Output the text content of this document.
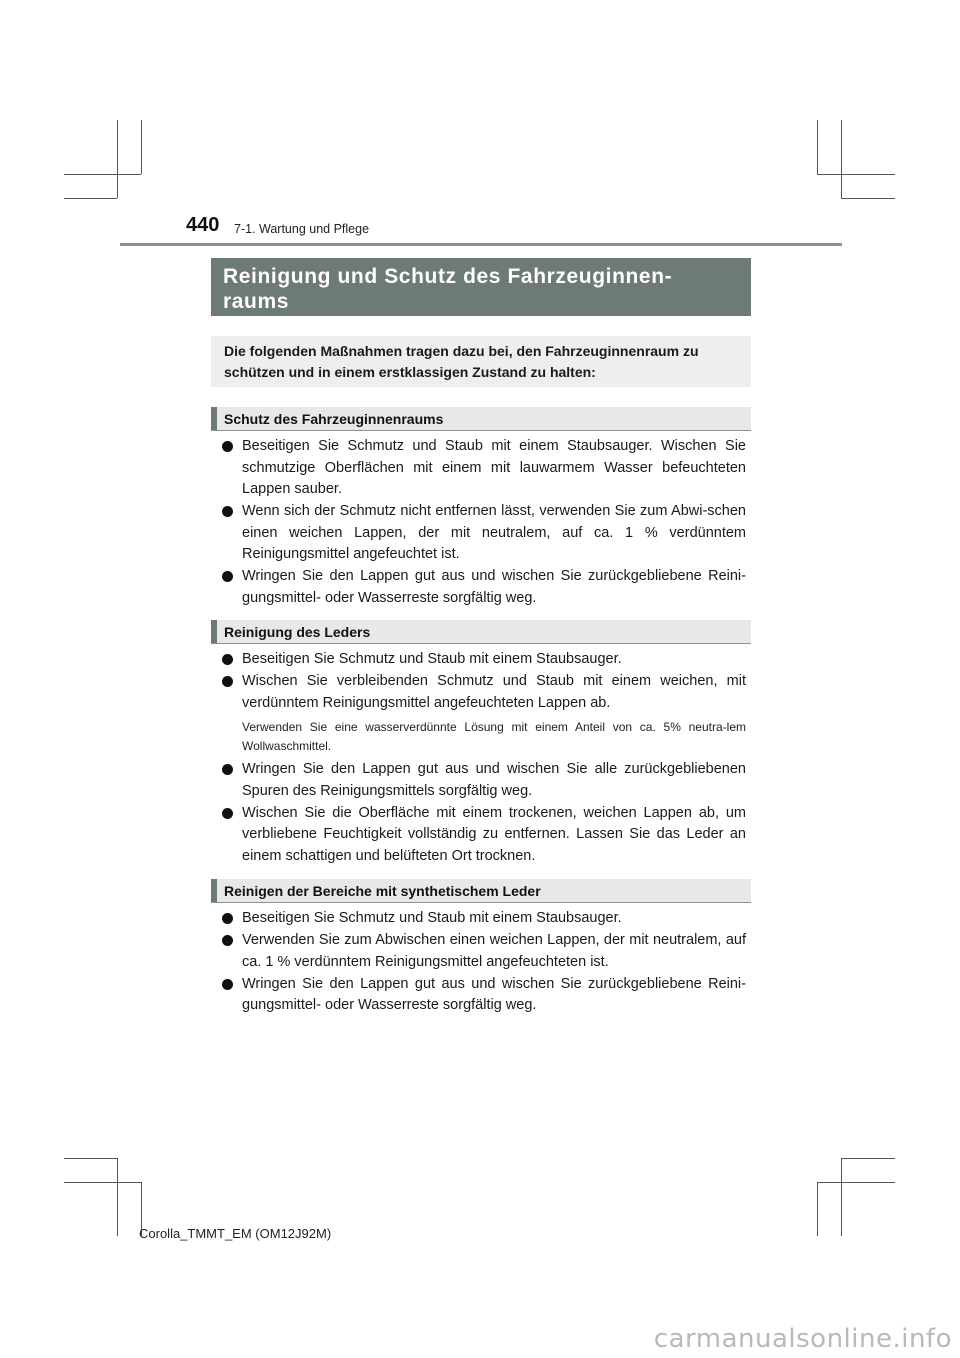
440 7-1. Wartung und Pflege
Reinigung und Schutz des Fahrzeuginnen-
raums
Die folgenden Maßnahmen tragen dazu bei, den Fahrzeuginnenraum zu
schützen und in einem erstklassigen Zustand zu halten:
Schutz des Fahrzeuginnenraums
Beseitigen Sie Schmutz und Staub mit einem Staubsauger. Wischen Sie schmutzige Oberflächen mit einem mit lauwarmem Wasser befeuchteten Lappen sauber.
Wenn sich der Schmutz nicht entfernen lässt, verwenden Sie zum Abwi-schen einen weichen Lappen, der mit neutralem, auf ca. 1 % verdünntem Reinigungsmittel angefeuchtet ist.
Wringen Sie den Lappen gut aus und wischen Sie zurückgebliebene Reini-gungsmittel- oder Wasserreste sorgfältig weg.
Reinigung des Leders
Beseitigen Sie Schmutz und Staub mit einem Staubsauger.
Wischen Sie verbleibenden Schmutz und Staub mit einem weichen, mit verdünntem Reinigungsmittel angefeuchteten Lappen ab.
Verwenden Sie eine wasserverdünnte Lösung mit einem Anteil von ca. 5% neutra-lem Wollwaschmittel.
Wringen Sie den Lappen gut aus und wischen Sie alle zurückgebliebenen Spuren des Reinigungsmittels sorgfältig weg.
Wischen Sie die Oberfläche mit einem trockenen, weichen Lappen ab, um verbliebene Feuchtigkeit vollständig zu entfernen. Lassen Sie das Leder an einem schattigen und belüfteten Ort trocknen.
Reinigen der Bereiche mit synthetischem Leder
Beseitigen Sie Schmutz und Staub mit einem Staubsauger.
Verwenden Sie zum Abwischen einen weichen Lappen, der mit neutralem, auf ca. 1 % verdünntem Reinigungsmittel angefeuchteten ist.
Wringen Sie den Lappen gut aus und wischen Sie zurückgebliebene Reini-gungsmittel- oder Wasserreste sorgfältig weg.
Corolla_TMMT_EM (OM12J92M)
carmanualsonline.info
